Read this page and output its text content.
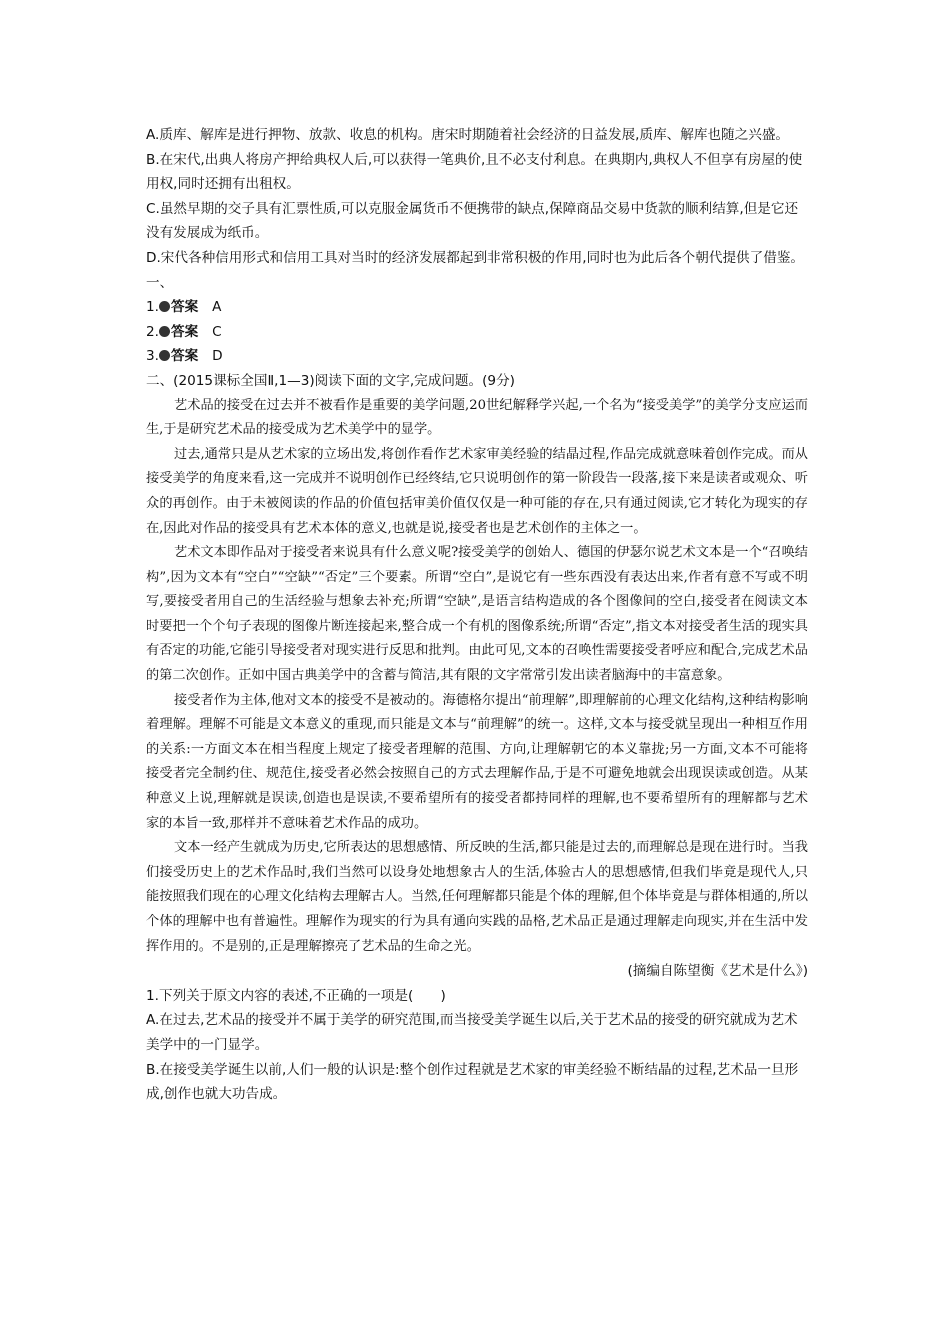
A.质库、解库是进行押物、放款、收息的机构。唐宋时期随着社会经济的日益发展,质库、解库也随之兴盛。

B.在宋代,出典人将房产押给典权人后,可以获得一笔典价,且不必支付利息。在典期内,典权人不但享有房屋的使用权,同时还拥有出租权。

C.虽然早期的交子具有汇票性质,可以克服金属货币不便携带的缺点,保障商品交易中货款的顺利结算,但是它还没有发展成为纸币。

D.宋代各种信用形式和信用工具对当时的经济发展都起到非常积极的作用,同时也为此后各个朝代提供了借鉴。

一、

1. 答案 A

2. 答案 C

3. 答案 D

二、(2015课标全国Ⅱ,1—3)阅读下面的文字,完成问题。(9分)

艺术品的接受在过去并不被看作是重要的美学问题,20世纪解释学兴起,一个名为“接受美学”的美学分支应运而生,于是研究艺术品的接受成为艺术美学中的显学。

过去,通常只是从艺术家的立场出发,将创作看作艺术家审美经验的结晶过程,作品完成就意味着创作完成。而从接受美学的角度来看,这一完成并不说明创作已经终结,它只说明创作的第一阶段告一段落,接下来是读者或观众、听众的再创作。由于未被阅读的作品的价值包括审美价值仅仅是一种可能的存在,只有通过阅读,它才转化为现实的存在,因此对作品的接受具有艺术本体的意义,也就是说,接受者也是艺术创作的主体之一。

艺术文本即作品对于接受者来说具有什么意义呢?接受美学的创始人、德国的伊瑟尔说艺术文本是一个“召唤结构”,因为文本有“空白”“空缺”“否定”三个要素。所谓“空白”,是说它有一些东西没有表达出来,作者有意不写或不明写,要接受者用自己的生活经验与想象去补充;所谓“空缺”,是语言结构造成的各个图像间的空白,接受者在阅读文本时要把一个个句子表现的图像片断连接起来,整合成一个有机的图像系统;所谓“否定”,指文本对接受者生活的现实具有否定的功能,它能引导接受者对现实进行反思和批判。由此可见,文本的召唤性需要接受者呼应和配合,完成艺术品的第二次创作。正如中国古典美学中的含蓄与简洁,其有限的文字常常引发出读者脑海中的丰富意象。

接受者作为主体,他对文本的接受不是被动的。海德格尔提出“前理解”,即理解前的心理文化结构,这种结构影响着理解。理解不可能是文本意义的重现,而只能是文本与“前理解”的统一。这样,文本与接受就呈现出一种相互作用的关系:一方面文本在相当程度上规定了接受者理解的范围、方向,让理解朝它的本义靠拢;另一方面,文本不可能将接受者完全制约住、规范住,接受者必然会按照自己的方式去理解作品,于是不可避免地就会出现误读或创造。从某种意义上说,理解就是误读,创造也是误读,不要希望所有的接受者都持同样的理解,也不要希望所有的理解都与艺术家的本旨一致,那样并不意味着艺术作品的成功。

文本一经产生就成为历史,它所表达的思想感情、所反映的生活,都只能是过去的,而理解总是现在进行时。当我们接受历史上的艺术作品时,我们当然可以设身处地想象古人的生活,体验古人的思想感情,但我们毕竟是现代人,只能按照我们现在的心理文化结构去理解古人。当然,任何理解都只能是个体的理解,但个体毕竟是与群体相通的,所以个体的理解中也有普遍性。理解作为现实的行为具有通向实践的品格,艺术品正是通过理解走向现实,并在生活中发挥作用的。不是别的,正是理解擦亮了艺术品的生命之光。

(摘编自陈望衡《艺术是什么》)

1.下列关于原文内容的表述,不正确的一项是(　　)

A.在过去,艺术品的接受并不属于美学的研究范围,而当接受美学诞生以后,关于艺术品的接受的研究就成为艺术美学中的一门显学。

B.在接受美学诞生以前,人们一般的认识是:整个创作过程就是艺术家的审美经验不断结晶的过程,艺术品一旦形成,创作也就大功告成。
